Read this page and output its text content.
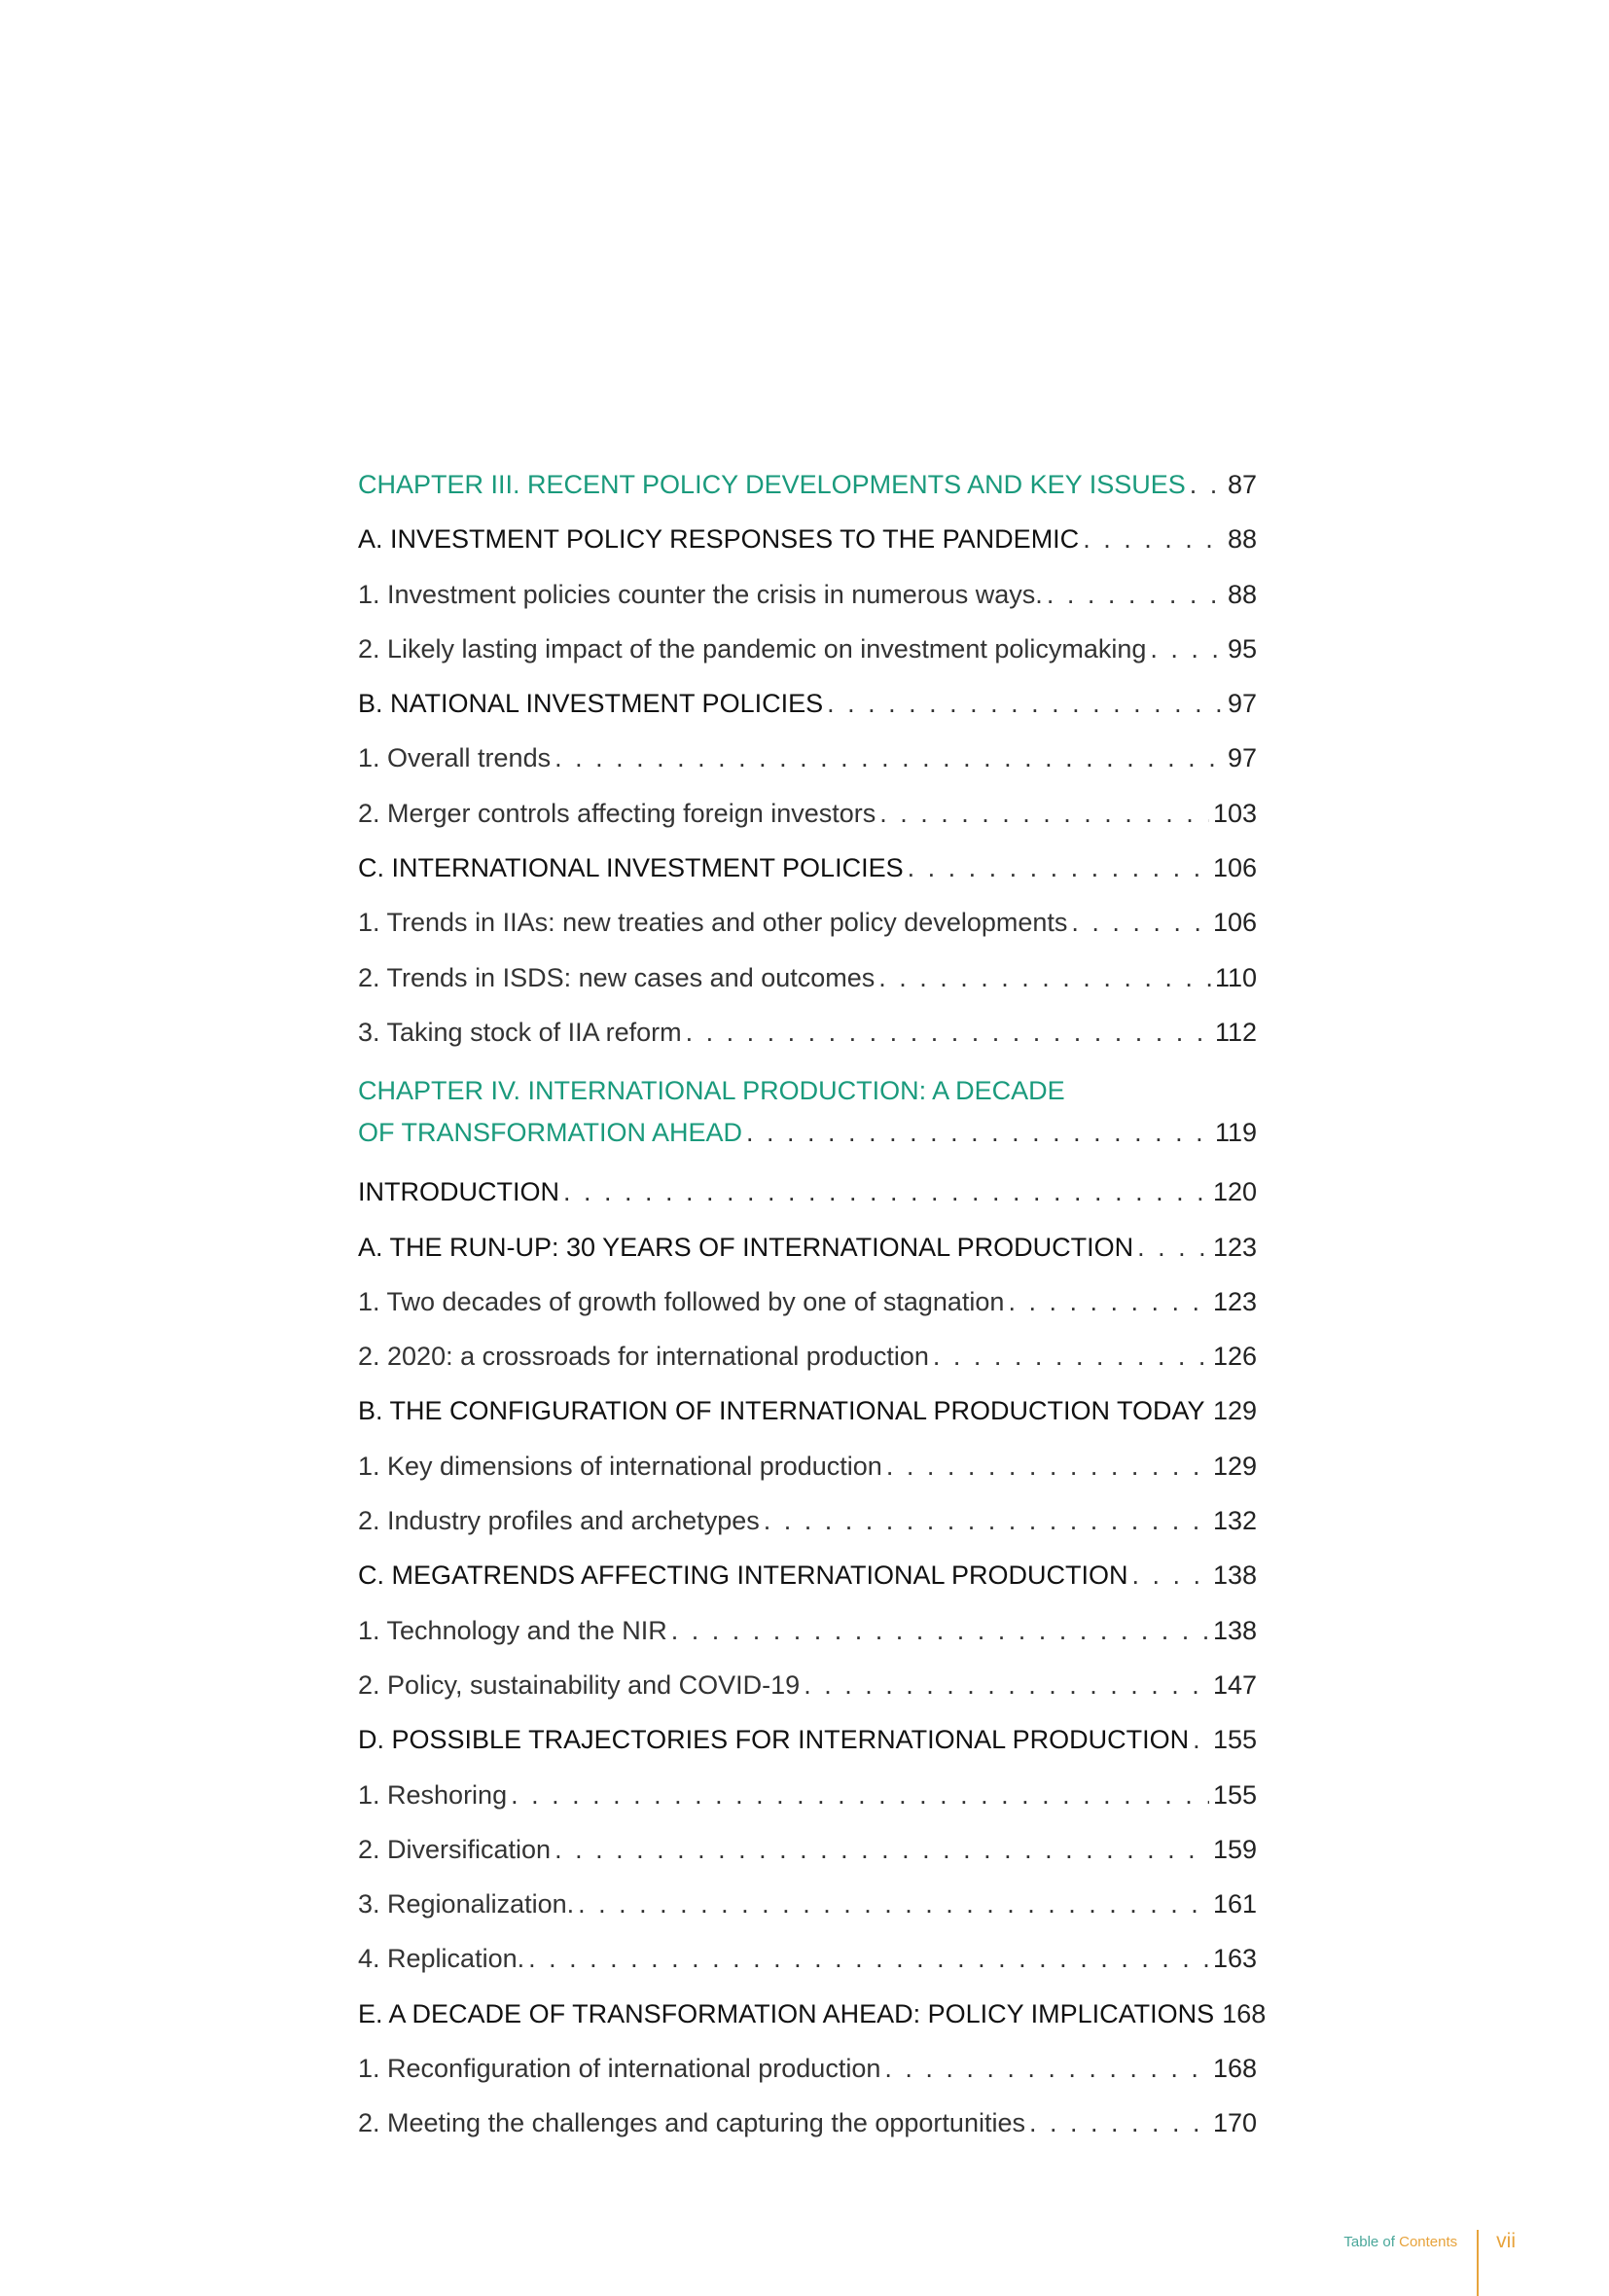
CHAPTER III. RECENT POLICY DEVELOPMENTS AND KEY ISSUES . . . 87
A. INVESTMENT POLICY RESPONSES TO THE PANDEMIC . . .	88
1. Investment policies counter the crisis in numerous ways. . . .	88
2. Likely lasting impact of the pandemic on investment policymaking . . .	95
B. NATIONAL INVESTMENT POLICIES . . .	97
1. Overall trends . . .	97
2. Merger controls affecting foreign investors . . .	103
C. INTERNATIONAL INVESTMENT POLICIES . . .	106
1. Trends in IIAs: new treaties and other policy developments . . .	106
2. Trends in ISDS: new cases and outcomes . . .	110
3. Taking stock of IIA reform . . .	112
CHAPTER IV. INTERNATIONAL PRODUCTION: A DECADE
OF TRANSFORMATION AHEAD . . .	119
INTRODUCTION . . .	120
A. THE RUN-UP: 30 YEARS OF INTERNATIONAL PRODUCTION . . .	123
1. Two decades of growth followed by one of stagnation . . .	123
2. 2020: a crossroads for international production . . .	126
B. THE CONFIGURATION OF INTERNATIONAL PRODUCTION TODAY . . . 129
1. Key dimensions of international production . . .	129
2. Industry profiles and archetypes . . .	132
C. MEGATRENDS AFFECTING INTERNATIONAL PRODUCTION . . .	138
1. Technology and the NIR . . .	138
2. Policy, sustainability and COVID-19 . . .	147
D. POSSIBLE TRAJECTORIES FOR INTERNATIONAL PRODUCTION . . . 155
1. Reshoring . . .	155
2. Diversification . . .	159
3. Regionalization. . . .	161
4. Replication. . . .	163
E. A DECADE OF TRANSFORMATION AHEAD: POLICY IMPLICATIONS 168
1. Reconfiguration of international production . . .	168
2. Meeting the challenges and capturing the opportunities . . .	170
Table of Contents vii
